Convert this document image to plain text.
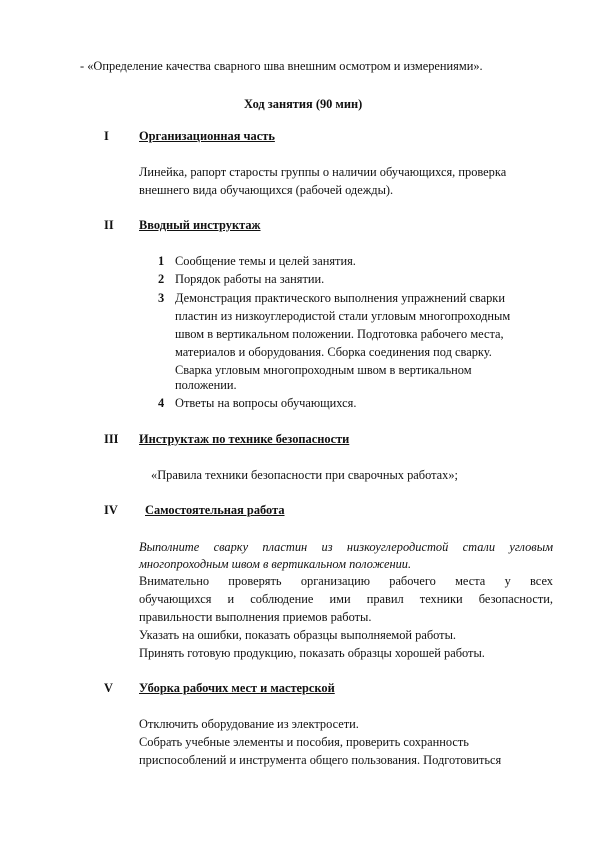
- «Определение качества сварного шва внешним осмотром и измерениями».
Ход занятия (90 мин)
I Организационная часть
Линейка, рапорт старосты группы о наличии обучающихся, проверка
внешнего вида обучающихся (рабочей одежды).
II Вводный инструктаж
1 Сообщение темы и целей занятия.
2 Порядок работы на занятии.
3 Демонстрация практического выполнения упражнений сварки
пластин из низкоуглеродистой стали угловым многопроходным
швом в вертикальном положении. Подготовка рабочего места,
материалов и оборудования. Сборка соединения под сварку.
Сварка угловым многопроходным швом в вертикальном
положении.
4 Ответы на вопросы обучающихся.
III Инструктаж по технике безопасности
«Правила техники безопасности при сварочных работах»;
IV Самостоятельная работа
Выполните сварку пластин из низкоуглеродистой стали угловым
многопроходным швом в вертикальном положении.
Внимательно проверять организацию рабочего места у всех
обучающихся и соблюдение ими правил техники безопасности,
правильности выполнения приемов работы.
Указать на ошибки, показать образцы выполняемой работы.
Принять готовую продукцию, показать образцы хорошей работы.
V Уборка рабочих мест и мастерской
Отключить оборудование из электросети.
Собрать учебные элементы и пособия, проверить сохранность
приспособлений и инструмента общего пользования. Подготовиться
